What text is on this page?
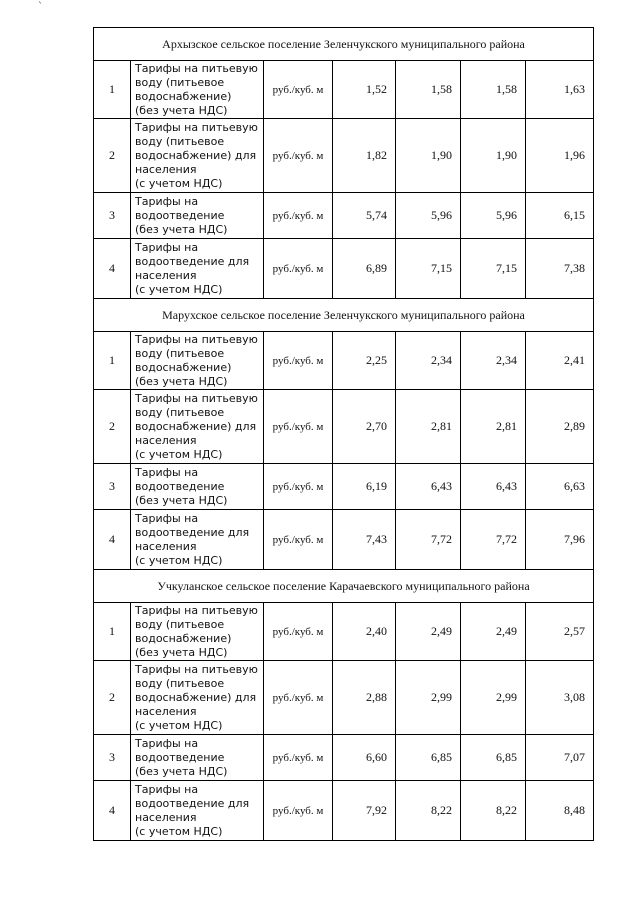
`
Архызское сельское поселение Зеленчукского муниципального района						
1	Тарифы на питьевую
воду (питьевое
водоснабжение)
(без учета НДС)	руб./куб. м	1,52	1,58	1,58	1,63
2	Тарифы на питьевую
воду (питьевое
водоснабжение) для
населения
(с учетом НДС)	руб./куб. м	1,82	1,90	1,90	1,96
3	Тарифы на
водоотведение
(без учета НДС)	руб./куб. м	5,74	5,96	5,96	6,15
4	Тарифы на
водоотведение для
населения
(с учетом НДС)	руб./куб. м	6,89	7,15	7,15	7,38
Марухское сельское поселение Зеленчукского муниципального района						
1	Тарифы на питьевую
воду (питьевое
водоснабжение)
(без учета НДС)	руб./куб. м	2,25	2,34	2,34	2,41
2	Тарифы на питьевую
воду (питьевое
водоснабжение) для
населения
(с учетом НДС)	руб./куб. м	2,70	2,81	2,81	2,89
3	Тарифы на
водоотведение
(без учета НДС)	руб./куб. м	6,19	6,43	6,43	6,63
4	Тарифы на
водоотведение для
населения
(с учетом НДС)	руб./куб. м	7,43	7,72	7,72	7,96
Учкуланское сельское поселение Карачаевского муниципального района						
1	Тарифы на питьевую
воду (питьевое
водоснабжение)
(без учета НДС)	руб./куб. м	2,40	2,49	2,49	2,57
2	Тарифы на питьевую
воду (питьевое
водоснабжение) для
населения
(с учетом НДС)	руб./куб. м	2,88	2,99	2,99	3,08
3	Тарифы на
водоотведение
(без учета НДС)	руб./куб. м	6,60	6,85	6,85	7,07
4	Тарифы на
водоотведение для
населения
(с учетом НДС)	руб./куб. м	7,92	8,22	8,22	8,48
